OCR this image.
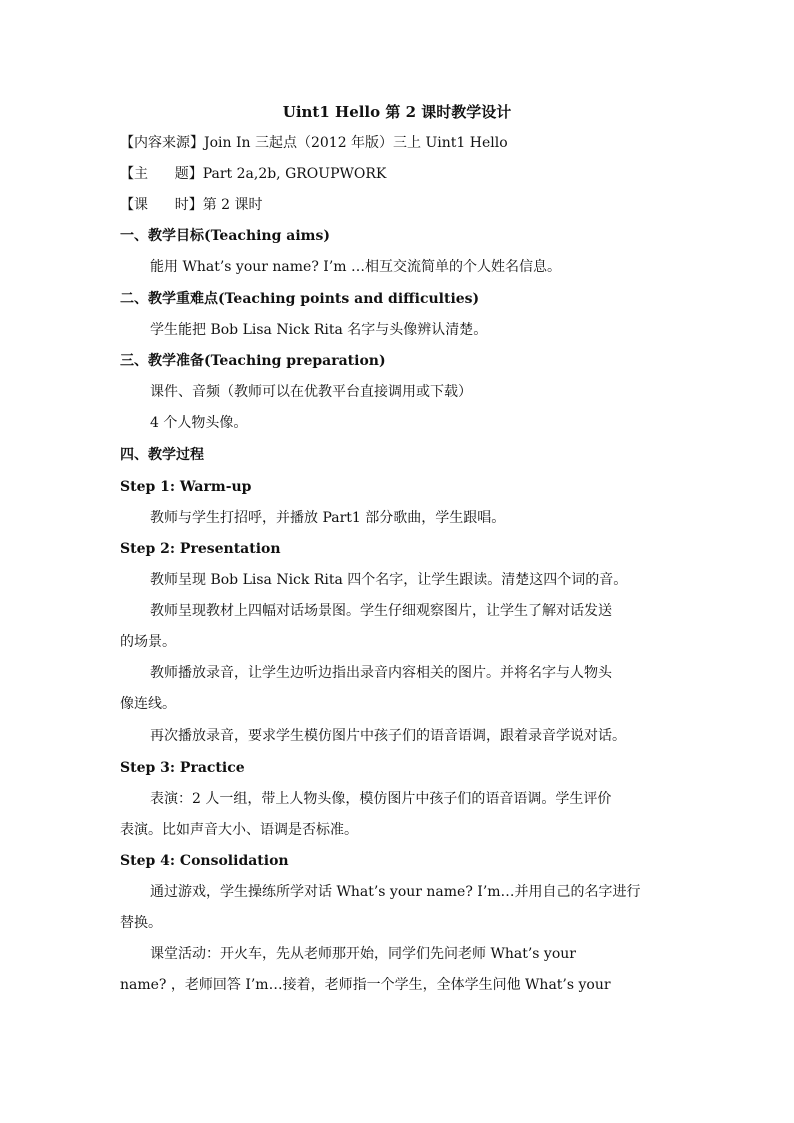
Uint1 Hello 第 2 课时教学设计
【内容来源】Join In 三起点（2012 年版）三上 Uint1 Hello
【主      题】Part 2a,2b, GROUPWORK
【课      时】第 2 课时
一、教学目标(Teaching aims)
能用 What’s your name? I’m …相互交流简单的个人姓名信息。
二、教学重难点(Teaching points and difficulties)
学生能把 Bob Lisa Nick Rita 名字与头像辨认清楚。
三、教学准备(Teaching preparation)
课件、音频（教师可以在优教平台直接调用或下载）
4 个人物头像。
四、教学过程
Step 1: Warm-up
教师与学生打招呼，并播放 Part1 部分歌曲，学生跟唱。
Step 2: Presentation
教师呈现 Bob Lisa Nick Rita 四个名字，让学生跟读。清楚这四个词的音。
教师呈现教材上四幅对话场景图。学生仔细观察图片，让学生了解对话发送
的场景。
教师播放录音，让学生边听边指出录音内容相关的图片。并将名字与人物头
像连线。
再次播放录音，要求学生模仿图片中孩子们的语音语调，跟着录音学说对话。
Step 3: Practice
表演：2 人一组，带上人物头像，模仿图片中孩子们的语音语调。学生评价
表演。比如声音大小、语调是否标准。
Step 4: Consolidation
通过游戏，学生操练所学对话 What’s your name? I’m…并用自己的名字进行
替换。
课堂活动：开火车，先从老师那开始，同学们先问老师 What’s your
name? ，老师回答 I’m…接着，老师指一个学生，全体学生问他 What’s your
